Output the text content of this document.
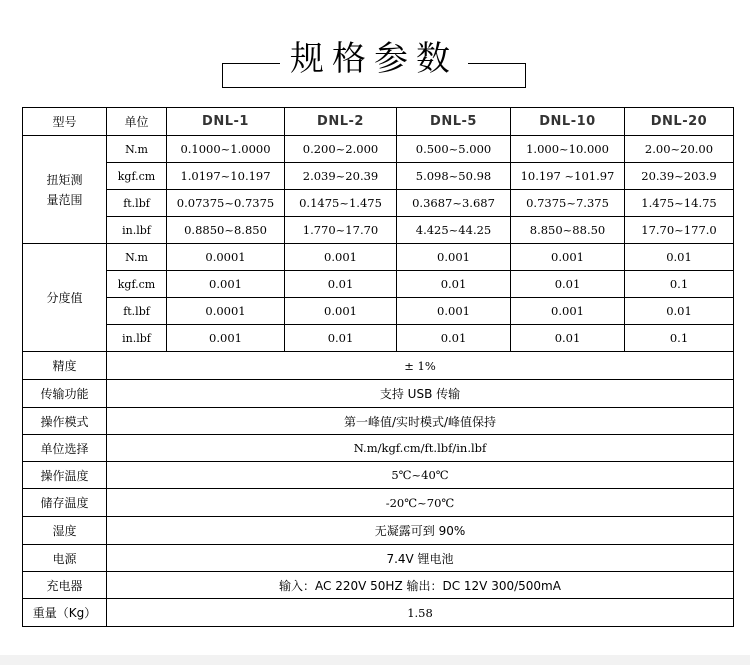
规格参数
型号	单位	DNL-1	DNL-2	DNL-5	DNL-10	DNL-20

扭矩测
量范围	N.m	0.1000~1.0000	0.200~2.000	0.500~5.000	1.000~10.000	2.00~20.00
	kgf.cm	1.0197~10.197	2.039~20.39	5.098~50.98	10.197 ~101.97	20.39~203.9
	ft.lbf	0.07375~0.7375	0.1475~1.475	0.3687~3.687	0.7375~7.375	1.475~14.75
	in.lbf	0.8850~8.850	1.770~17.70	4.425~44.25	8.850~88.50	17.70~177.0
分度值	N.m	0.0001	0.001	0.001	0.001	0.01
	kgf.cm	0.001	0.01	0.01	0.01	0.1
	ft.lbf	0.0001	0.001	0.001	0.001	0.01
	in.lbf	0.001	0.01	0.01	0.01	0.1
精度	± 1%					
传输功能	支持 USB 传输					
操作模式	第一峰值/实时模式/峰值保持					
单位选择	N.m/kgf.cm/ft.lbf/in.lbf					
操作温度	5℃~40℃					
储存温度	-20℃~70℃					
湿度	无凝露可到 90%					
电源	7.4V 锂电池					
充电器	输入：AC 220V 50HZ 输出：DC 12V 300/500mA					
重量（Kg）	1.58					
